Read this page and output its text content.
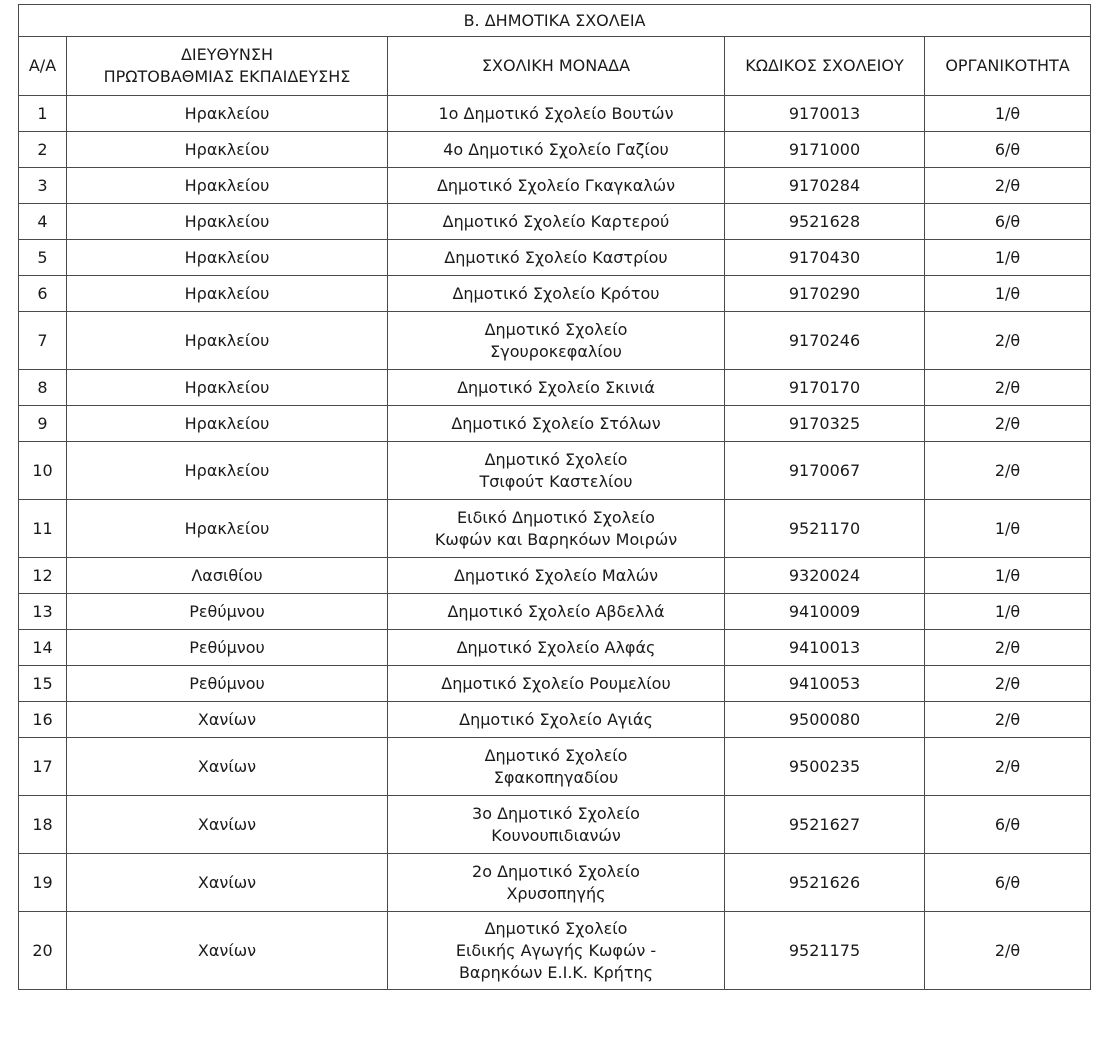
Β. ΔΗΜΟΤΙΚΑ ΣΧΟΛΕΙΑ				
Α/Α	ΔΙΕΥΘΥΝΣΗ
ΠΡΩΤΟΒΑΘΜΙΑΣ ΕΚΠΑΙΔΕΥΣΗΣ	ΣΧΟΛΙΚΗ ΜΟΝΑΔΑ	ΚΩΔΙΚΟΣ ΣΧΟΛΕΙΟΥ	ΟΡΓΑΝΙΚΟΤΗΤΑ
1	Ηρακλείου	1ο Δημοτικό Σχολείο Βουτών	9170013	1/θ
2	Ηρακλείου	4ο Δημοτικό Σχολείο Γαζίου	9171000	6/θ
3	Ηρακλείου	Δημοτικό Σχολείο Γκαγκαλών	9170284	2/θ
4	Ηρακλείου	Δημοτικό Σχολείο Καρτερού	9521628	6/θ
5	Ηρακλείου	Δημοτικό Σχολείο Καστρίου	9170430	1/θ
6	Ηρακλείου	Δημοτικό Σχολείο Κρότου	9170290	1/θ
7	Ηρακλείου	Δημοτικό Σχολείο
Σγουροκεφαλίου	9170246	2/θ
8	Ηρακλείου	Δημοτικό Σχολείο Σκινιά	9170170	2/θ
9	Ηρακλείου	Δημοτικό Σχολείο Στόλων	9170325	2/θ
10	Ηρακλείου	Δημοτικό Σχολείο
Τσιφούτ Καστελίου	9170067	2/θ
11	Ηρακλείου	Ειδικό Δημοτικό Σχολείο
Κωφών και Βαρηκόων Μοιρών	9521170	1/θ
12	Λασιθίου	Δημοτικό Σχολείο Μαλών	9320024	1/θ
13	Ρεθύμνου	Δημοτικό Σχολείο Αβδελλά	9410009	1/θ
14	Ρεθύμνου	Δημοτικό Σχολείο Αλφάς	9410013	2/θ
15	Ρεθύμνου	Δημοτικό Σχολείο Ρουμελίου	9410053	2/θ
16	Χανίων	Δημοτικό Σχολείο Αγιάς	9500080	2/θ
17	Χανίων	Δημοτικό Σχολείο
Σφακοπηγαδίου	9500235	2/θ
18	Χανίων	3ο Δημοτικό Σχολείο
Κουνουπιδιανών	9521627	6/θ
19	Χανίων	2ο Δημοτικό Σχολείο
Χρυσοπηγής	9521626	6/θ
20	Χανίων	Δημοτικό Σχολείο
Ειδικής Αγωγής Κωφών -
Βαρηκόων Ε.Ι.Κ. Κρήτης	9521175	2/θ
